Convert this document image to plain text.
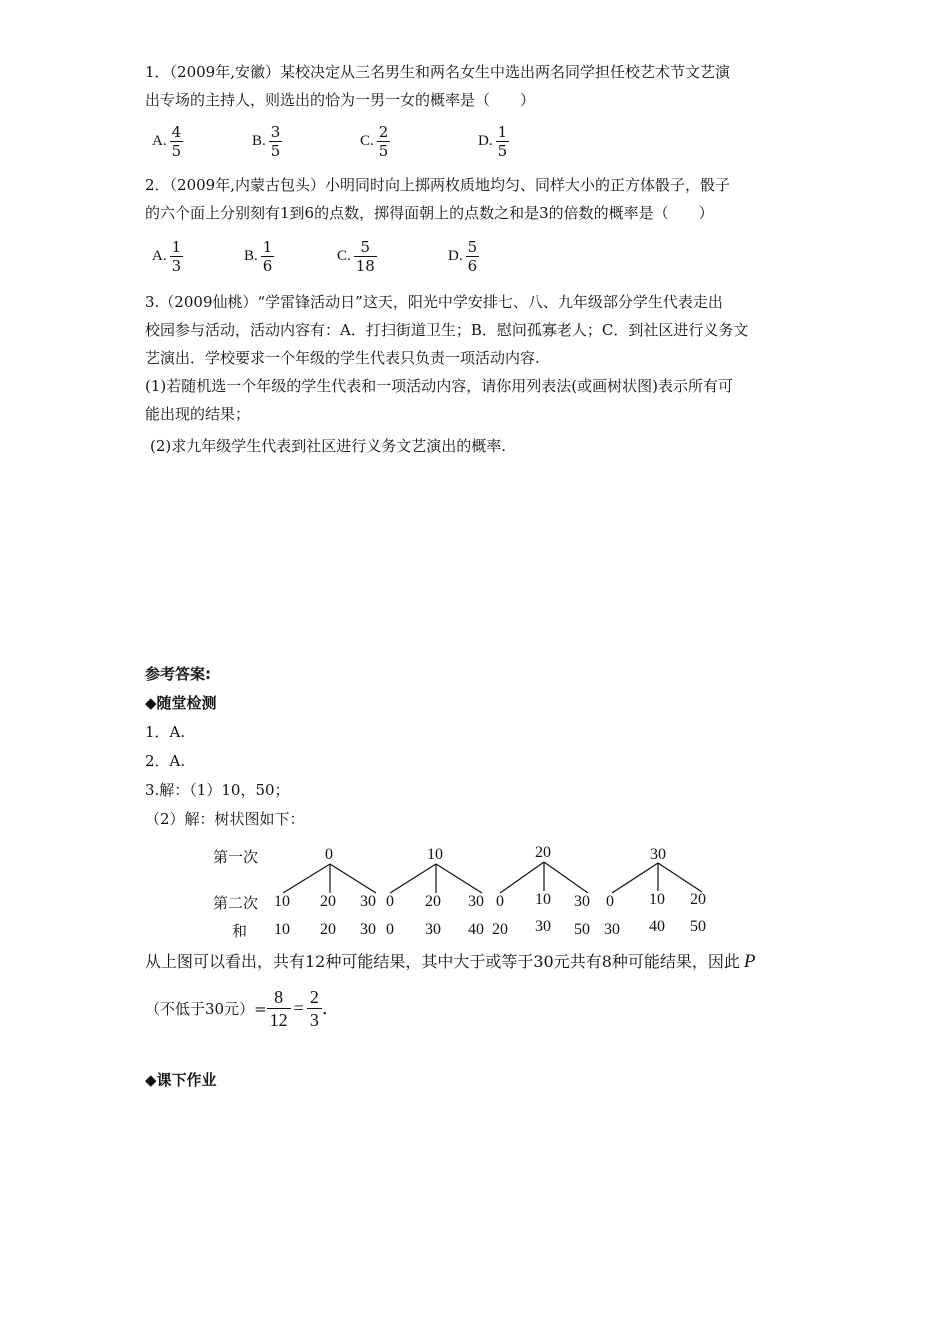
1．（2009年,安徽）某校决定从三名男生和两名女生中选出两名同学担任校艺术节文艺演
出专场的主持人，则选出的恰为一男一女的概率是（　　）
A. $\frac{4}{5}$	B. $\frac{3}{5}$	C. $\frac{2}{5}$	D. $\frac{1}{5}$
2．（2009年,内蒙古包头）小明同时向上掷两枚质地均匀、同样大小的正方体骰子，骰子
的六个面上分别刻有1到6的点数，掷得面朝上的点数之和是3的倍数的概率是（　　）
A. $\frac{1}{3}$	B. $\frac{1}{6}$	C. $\frac{5}{18}$	D. $\frac{5}{6}$
3.（2009仙桃）“学雷锋活动日”这天，阳光中学安排七、八、九年级部分学生代表走出
校园参与活动，活动内容有：A．打扫街道卫生；B．慰问孤寡老人；C．到社区进行义务文
艺演出．学校要求一个年级的学生代表只负责一项活动内容.
(1)若随机选一个年级的学生代表和一项活动内容，请你用列表法(或画树状图)表示所有可
能出现的结果；
(2)求九年级学生代表到社区进行义务文艺演出的概率.
参考答案:
◆随堂检测
1．A.
2．A.
3.解：（1）10，50；
（2）解：树状图如下：
第一次
第二次
和
0
10 20 30
10 20 30
10
0 20 30
0 30 40
20
0 10 30
20 30 50
30
0 10 20
30 40 50
从上图可以看出，共有12种可能结果，其中大于或等于30元共有8种可能结果，因此 P
（不低于30元）= $\frac{8}{12} = \frac{2}{3}$ .
◆课下作业
